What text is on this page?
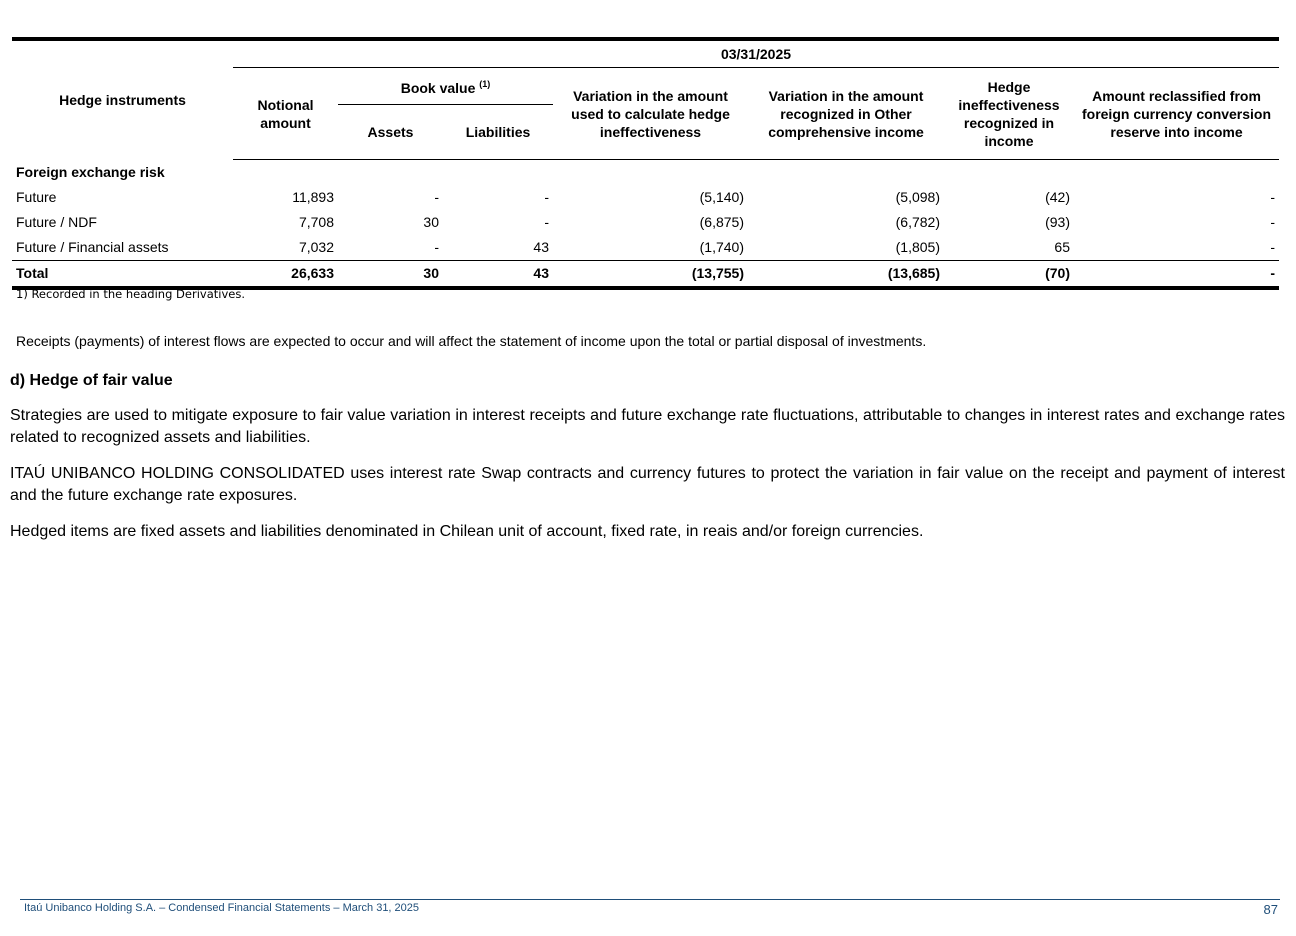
Hedge instruments	03/31/2025						
	Notional amount	Book value $^{(1)}$		Variation in the amount used to calculate hedge ineffectiveness	Variation in the amount recognized in Other comprehensive income	Hedge ineffectiveness recognized in income	Amount reclassified from foreign currency conversion reserve into income
		Assets	Liabilities				
Foreign exchange risk							
Future	11,893	-	-	(5,140)	(5,098)	(42)	-
Future / NDF	7,708	30	-	(6,875)	(6,782)	(93)	-
Future / Financial assets	7,032	-	43	(1,740)	(1,805)	65	-
Total	26,633	30	43	(13,755)	(13,685)	(70)	-
1) Recorded in the heading Derivatives.
Receipts (payments) of interest flows are expected to occur and will affect the statement of income upon the total or partial disposal of investments.
d) Hedge of fair value

Strategies are used to mitigate exposure to fair value variation in interest receipts and future exchange rate fluctuations, attributable to changes in interest rates and exchange rates related to recognized assets and liabilities.

ITAÚ UNIBANCO HOLDING CONSOLIDATED uses interest rate Swap contracts and currency futures to protect the variation in fair value on the receipt and payment of interest and the future exchange rate exposures.

Hedged items are fixed assets and liabilities denominated in Chilean unit of account, fixed rate, in reais and/or foreign currencies.

Itaú Unibanco Holding S.A. – Condensed Financial Statements – March 31, 2025	87
